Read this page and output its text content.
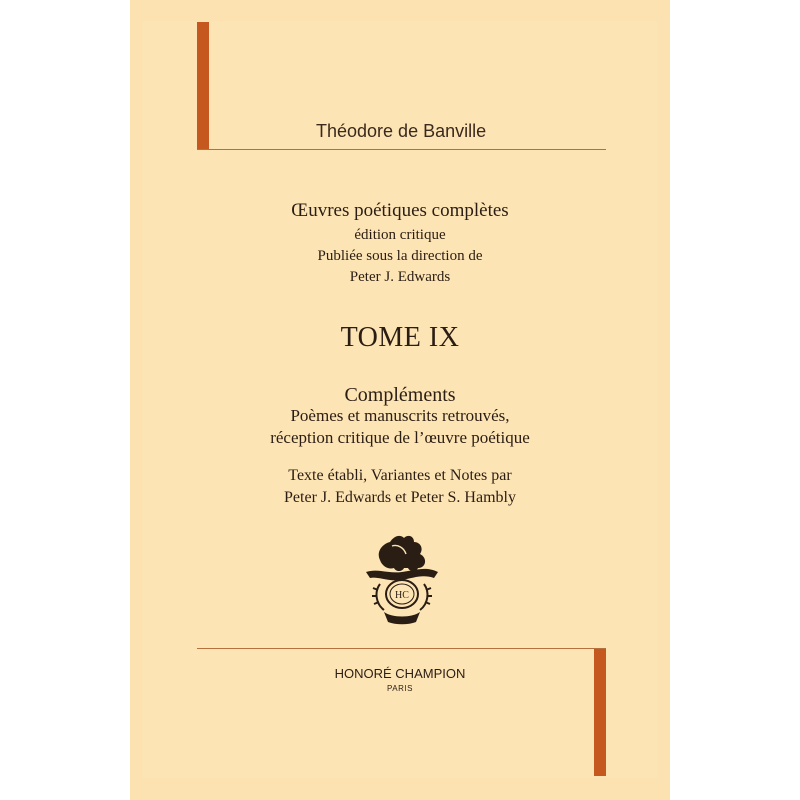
Théodore de Banville

Œuvres poétiques complètes
édition critique
Publiée sous la direction de
Peter J. Edwards
TOME IX
Compléments
Poèmes et manuscrits retrouvés,
réception critique de l’œuvre poétique
Texte établi, Variantes et Notes par
Peter J. Edwards et Peter S. Hambly
HC
HONORÉ CHAMPION
PARIS
